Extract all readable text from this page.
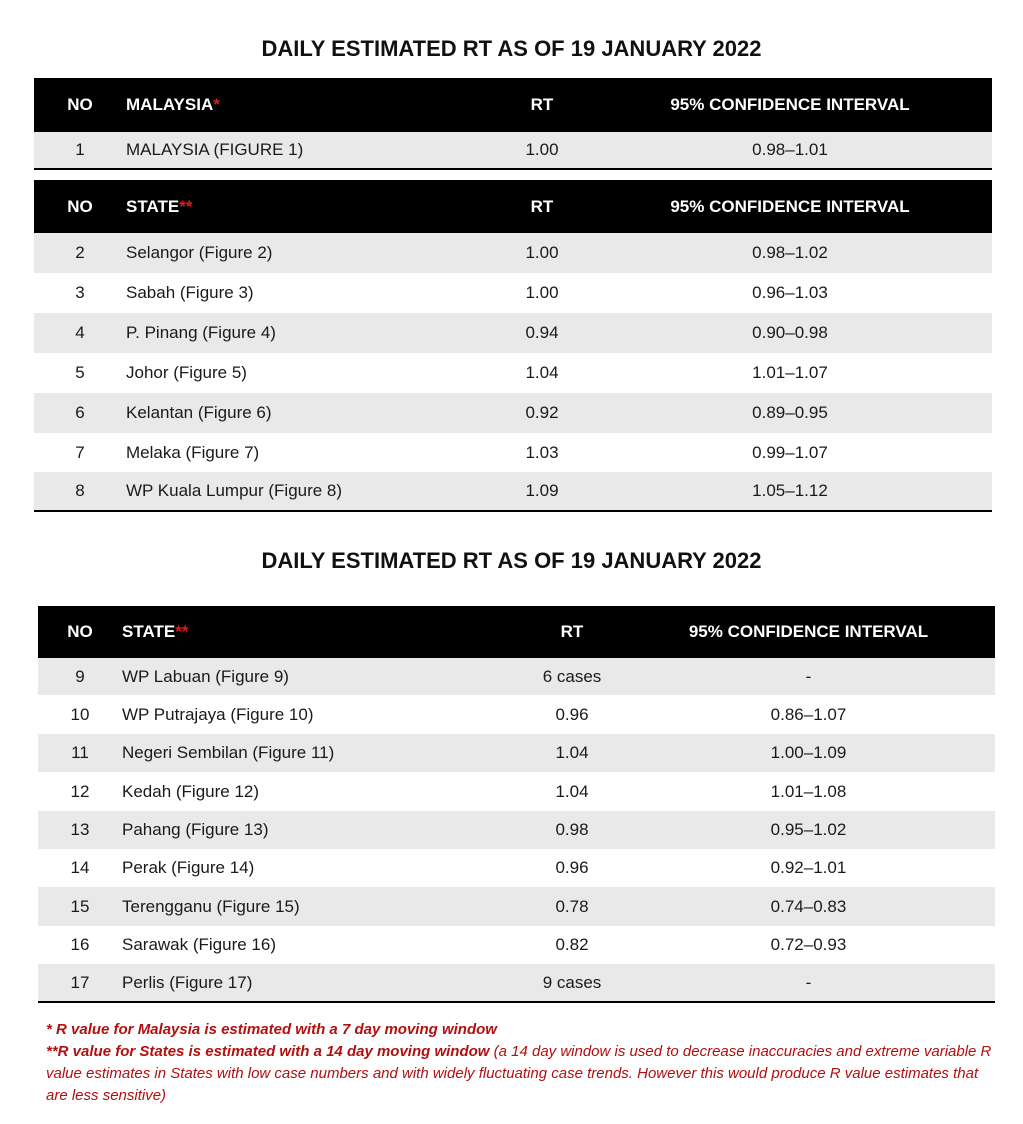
DAILY ESTIMATED RT AS OF 19 JANUARY 2022
NO	MALAYSIA*	RT	95% CONFIDENCE INTERVAL
1	MALAYSIA (FIGURE 1)	1.00	0.98–1.01
NO	STATE**	RT	95% CONFIDENCE INTERVAL
2	Selangor (Figure 2)	1.00	0.98–1.02
3	Sabah (Figure 3)	1.00	0.96–1.03
4	P. Pinang (Figure 4)	0.94	0.90–0.98
5	Johor (Figure 5)	1.04	1.01–1.07
6	Kelantan (Figure 6)	0.92	0.89–0.95
7	Melaka (Figure 7)	1.03	0.99–1.07
8	WP Kuala Lumpur (Figure 8)	1.09	1.05–1.12
DAILY ESTIMATED RT AS OF 19 JANUARY 2022
NO	STATE**	RT	95% CONFIDENCE INTERVAL
9	WP Labuan (Figure 9)	6 cases	-
10	WP Putrajaya (Figure 10)	0.96	0.86–1.07
11	Negeri Sembilan (Figure 11)	1.04	1.00–1.09
12	Kedah (Figure 12)	1.04	1.01–1.08
13	Pahang (Figure 13)	0.98	0.95–1.02
14	Perak (Figure 14)	0.96	0.92–1.01
15	Terengganu (Figure 15)	0.78	0.74–0.83
16	Sarawak (Figure 16)	0.82	0.72–0.93
17	Perlis (Figure 17)	9 cases	-
* R value for Malaysia is estimated with a 7 day moving window
**R value for States is estimated with a 14 day moving window (a 14 day window is used to decrease inaccuracies and extreme variable R value estimates in States with low case numbers and with widely fluctuating case trends. However this would produce R value estimates that are less sensitive)
